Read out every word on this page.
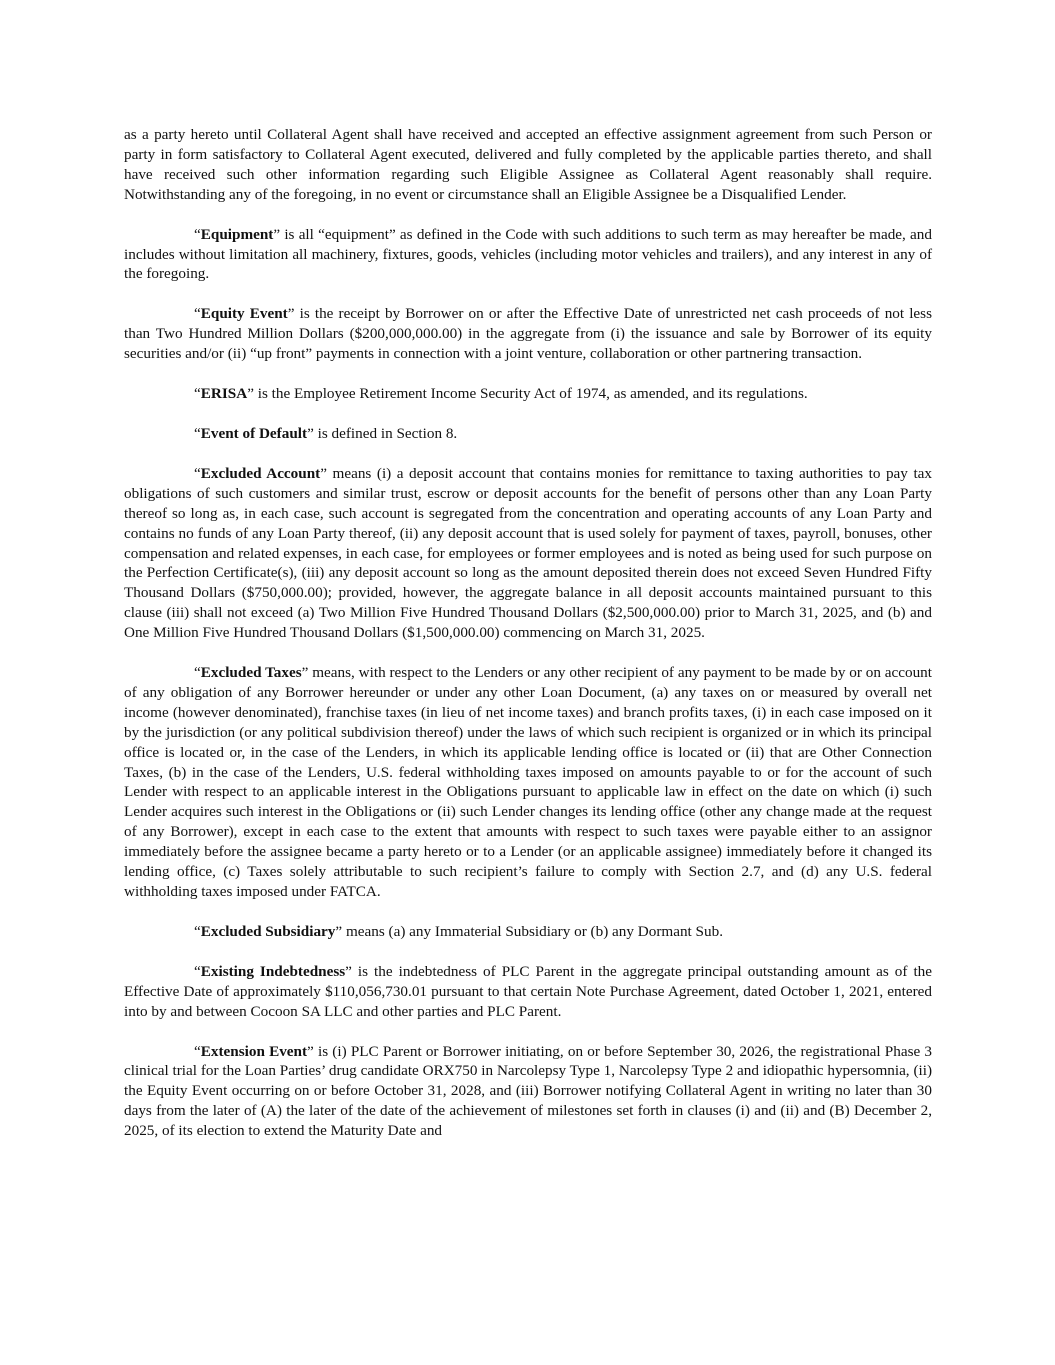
as a party hereto until Collateral Agent shall have received and accepted an effective assignment agreement from such Person or party in form satisfactory to Collateral Agent executed, delivered and fully completed by the applicable parties thereto, and shall have received such other information regarding such Eligible Assignee as Collateral Agent reasonably shall require. Notwithstanding any of the foregoing, in no event or circumstance shall an Eligible Assignee be a Disqualified Lender.

“Equipment” is all “equipment” as defined in the Code with such additions to such term as may hereafter be made, and includes without limitation all machinery, fixtures, goods, vehicles (including motor vehicles and trailers), and any interest in any of the foregoing.

“Equity Event” is the receipt by Borrower on or after the Effective Date of unrestricted net cash proceeds of not less than Two Hundred Million Dollars ($200,000,000.00) in the aggregate from (i) the issuance and sale by Borrower of its equity securities and/or (ii) “up front” payments in connection with a joint venture, collaboration or other partnering transaction.

“ERISA” is the Employee Retirement Income Security Act of 1974, as amended, and its regulations.

“Event of Default” is defined in Section 8.

“Excluded Account” means (i) a deposit account that contains monies for remittance to taxing authorities to pay tax obligations of such customers and similar trust, escrow or deposit accounts for the benefit of persons other than any Loan Party thereof so long as, in each case, such account is segregated from the concentration and operating accounts of any Loan Party and contains no funds of any Loan Party thereof, (ii) any deposit account that is used solely for payment of taxes, payroll, bonuses, other compensation and related expenses, in each case, for employees or former employees and is noted as being used for such purpose on the Perfection Certificate(s), (iii) any deposit account so long as the amount deposited therein does not exceed Seven Hundred Fifty Thousand Dollars ($750,000.00); provided, however, the aggregate balance in all deposit accounts maintained pursuant to this clause (iii) shall not exceed (a) Two Million Five Hundred Thousand Dollars ($2,500,000.00) prior to March 31, 2025, and (b) and One Million Five Hundred Thousand Dollars ($1,500,000.00) commencing on March 31, 2025.

“Excluded Taxes” means, with respect to the Lenders or any other recipient of any payment to be made by or on account of any obligation of any Borrower hereunder or under any other Loan Document, (a) any taxes on or measured by overall net income (however denominated), franchise taxes (in lieu of net income taxes) and branch profits taxes, (i) in each case imposed on it by the jurisdiction (or any political subdivision thereof) under the laws of which such recipient is organized or in which its principal office is located or, in the case of the Lenders, in which its applicable lending office is located or (ii) that are Other Connection Taxes, (b) in the case of the Lenders, U.S. federal withholding taxes imposed on amounts payable to or for the account of such Lender with respect to an applicable interest in the Obligations pursuant to applicable law in effect on the date on which (i) such Lender acquires such interest in the Obligations or (ii) such Lender changes its lending office (other any change made at the request of any Borrower), except in each case to the extent that amounts with respect to such taxes were payable either to an assignor immediately before the assignee became a party hereto or to a Lender (or an applicable assignee) immediately before it changed its lending office, (c) Taxes solely attributable to such recipient’s failure to comply with Section 2.7, and (d) any U.S. federal withholding taxes imposed under FATCA.

“Excluded Subsidiary” means (a) any Immaterial Subsidiary or (b) any Dormant Sub.

“Existing Indebtedness” is the indebtedness of PLC Parent in the aggregate principal outstanding amount as of the Effective Date of approximately $110,056,730.01 pursuant to that certain Note Purchase Agreement, dated October 1, 2021, entered into by and between Cocoon SA LLC and other parties and PLC Parent.

“Extension Event” is (i) PLC Parent or Borrower initiating, on or before September 30, 2026, the registrational Phase 3 clinical trial for the Loan Parties’ drug candidate ORX750 in Narcolepsy Type 1, Narcolepsy Type 2 and idiopathic hypersomnia, (ii) the Equity Event occurring on or before October 31, 2028, and (iii) Borrower notifying Collateral Agent in writing no later than 30 days from the later of (A) the later of the date of the achievement of milestones set forth in clauses (i) and (ii) and (B) December 2, 2025, of its election to extend the Maturity Date and
